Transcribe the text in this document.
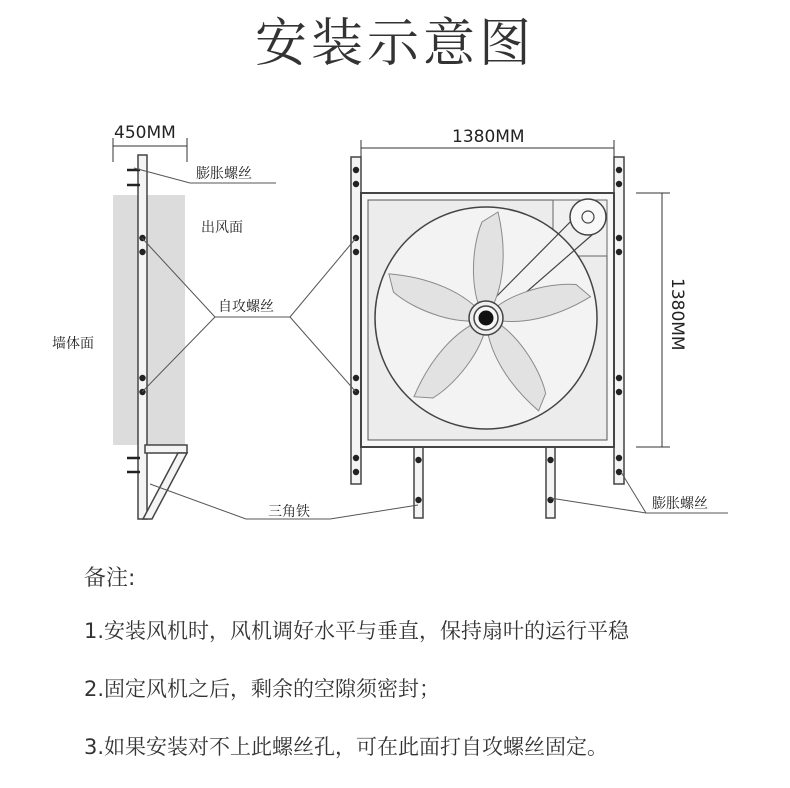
安装示意图
450MM	1380MM
1380MM
膨胀螺丝
出风面
自攻螺丝
墙体面
三角铁	膨胀螺丝
备注:
1.安装风机时，风机调好水平与垂直，保持扇叶的运行平稳
2.固定风机之后，剩余的空隙须密封；
3.如果安装对不上此螺丝孔，可在此面打自攻螺丝固定。
